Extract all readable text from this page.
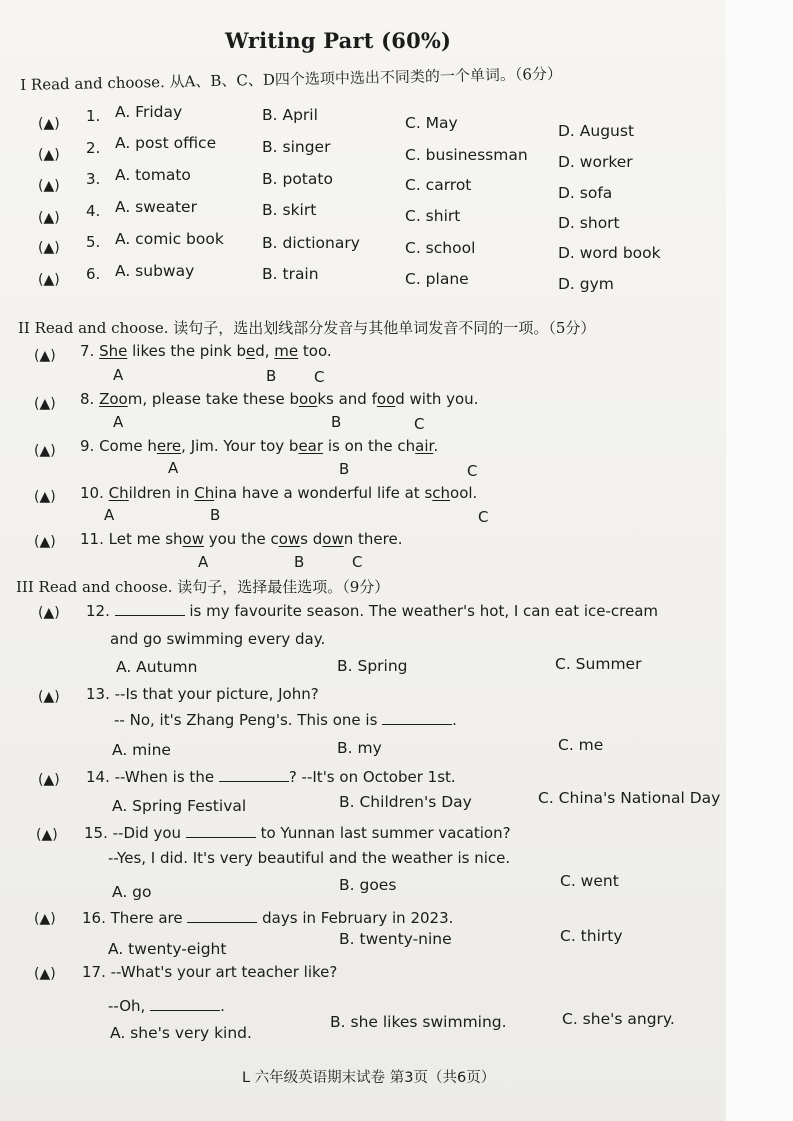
Writing Part (60%)
I Read and choose. 从A、B、C、D四个选项中选出不同类的一个单词。（6分）
(▲) 1. A. Friday	B. April	C. May	D. August
(▲) 2. A. post office	B. singer	C. businessman D. worker
(▲) 3. A. tomato	B. potato	C. carrot	D. sofa
(▲) 4. A. sweater	B. skirt	C. shirt	D. short
(▲) 5. A. comic book B. dictionary	C. school	D. word book
(▲) 6. A. subway	B. train	C. plane	D. gym
II Read and choose. 读句子，选出划线部分发音与其他单词发音不同的一项。（5分）
(▲) 7. She likes the pink bed, me too.
A	B	C
(▲) 8. Zoom, please take these books and food with you.
A	B	C
(▲) 9. Come here, Jim. Your toy bear is on the chair.
A	B	C
(▲) 10. Children in China have a wonderful life at school.
A	B	C
(▲) 11. Let me show you the cows down there.
A	B	C
III Read and choose. 读句子，选择最佳选项。（9分）
(▲) 12.	is my favourite season. The weather's hot, I can eat ice-cream
and go swimming every day.
A. Autumn	B. Spring	C. Summer
(▲) 13. --Is that your picture, John?
-- No, it's Zhang Peng's. This one is	.
A. mine	B. my	C. me
(▲) 14. --When is the	? --It's on October 1st.
A. Spring Festival	B. Children's Day	C. China's National Day
(▲) 15. --Did you	to Yunnan last summer vacation?
--Yes, I did. It's very beautiful and the weather is nice.
A. go	B. goes	C. went
(▲) 16. There are	days in February in 2023.
A. twenty-eight
B. twenty-nine	C. thirty
(▲) 17. --What's your art teacher like?
--Oh,	.
A. she's very kind.
B. she likes swimming.	C. she's angry.
L 六年级英语期末试卷 第3页（共6页）
